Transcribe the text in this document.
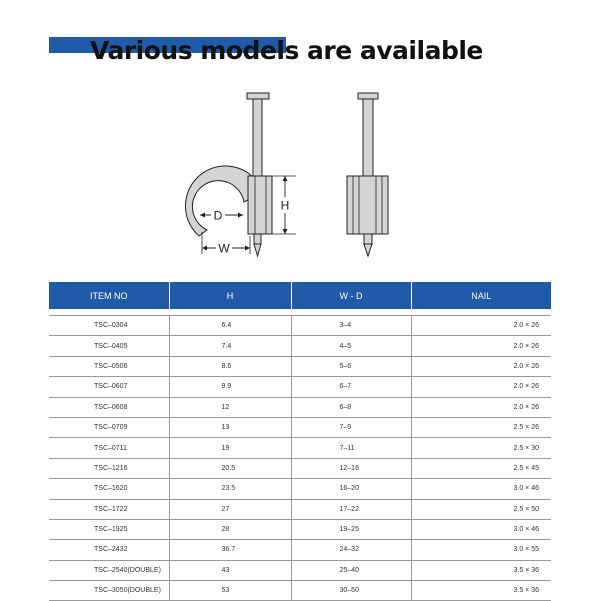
Various models are available
D
W
H
ITEM NO	H	W - D	NAIL

TSC–0304	6.4	3–4	2.0 × 26
TSC–0405	7.4	4–5	2.0 × 26
TSC–0506	8.6	5–6	2.0 × 26
TSC–0607	9.9	6–7	2.0 × 26
TSC–0608	12	6–8	2.0 × 26
TSC–0709	13	7–9	2.5 × 26
TSC–0711	19	7–11	2.5 × 30
TSC–1216	20.5	12–16	2.5 × 45
TSC–1620	23.5	16–20	3.0 × 46
TSC–1722	27	17–22	2.5 × 50
TSC–1925	28	19–25	3.0 × 46
TSC–2432	36.7	24–32	3.0 × 55
TSC–2540(DOUBLE)	43	25–40	3.5 × 36
TSC–3050(DOUBLE)	53	30–50	3.5 × 36
